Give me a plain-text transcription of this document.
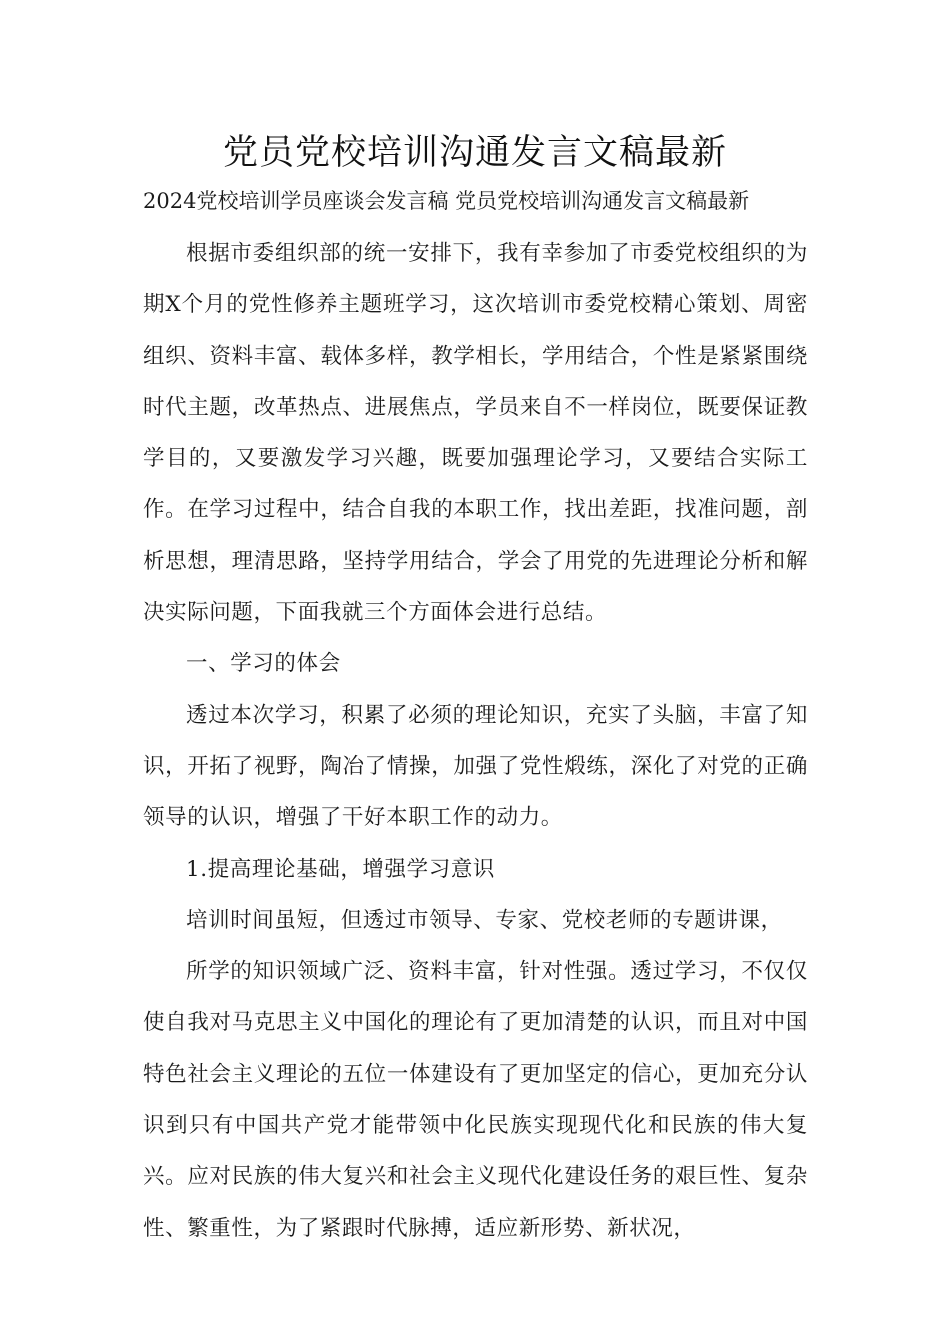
党员党校培训沟通发言文稿最新
2024党校培训学员座谈会发言稿 党员党校培训沟通发言文稿最新

根据市委组织部的统一安排下，我有幸参加了市委党校组织的为期X个月的党性修养主题班学习，这次培训市委党校精心策划、周密组织、资料丰富、载体多样，教学相长，学用结合，个性是紧紧围绕时代主题，改革热点、进展焦点，学员来自不一样岗位，既要保证教学目的，又要激发学习兴趣，既要加强理论学习，又要结合实际工作。在学习过程中，结合自我的本职工作，找出差距，找准问题，剖析思想，理清思路，坚持学用结合，学会了用党的先进理论分析和解决实际问题，下面我就三个方面体会进行总结。

一、学习的体会

透过本次学习，积累了必须的理论知识，充实了头脑，丰富了知识，开拓了视野，陶冶了情操，加强了党性煅练，深化了对党的正确领导的认识，增强了干好本职工作的动力。

1.提高理论基础，增强学习意识

培训时间虽短，但透过市领导、专家、党校老师的专题讲课，

所学的知识领域广泛、资料丰富，针对性强。透过学习，不仅仅使自我对马克思主义中国化的理论有了更加清楚的认识，而且对中国特色社会主义理论的五位一体建设有了更加坚定的信心，更加充分认识到只有中国共产党才能带领中化民族实现现代化和民族的伟大复兴。应对民族的伟大复兴和社会主义现代化建设任务的艰巨性、复杂性、繁重性，为了紧跟时代脉搏，适应新形势、新状况，
